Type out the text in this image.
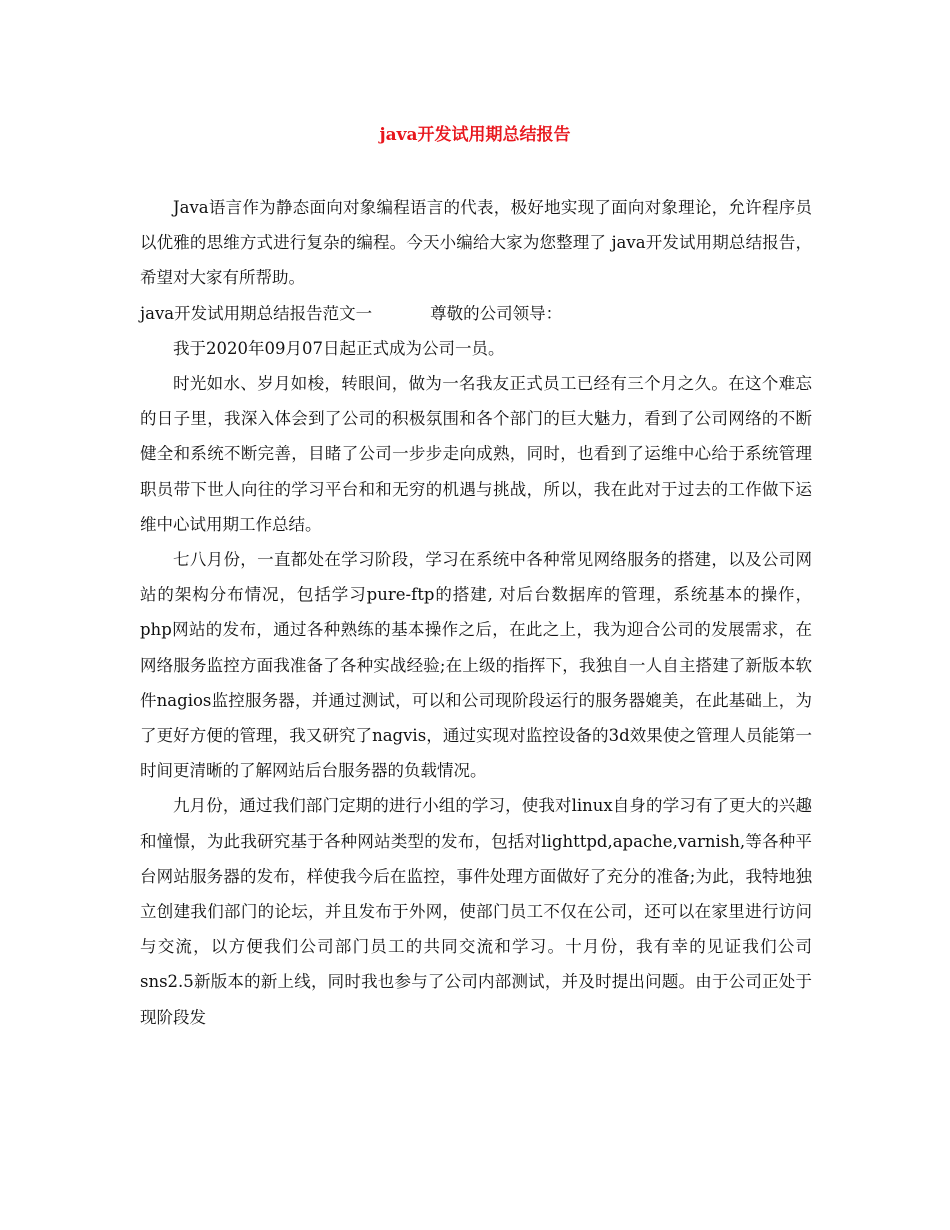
java开发试用期总结报告

Java语言作为静态面向对象编程语言的代表，极好地实现了面向对象理论，允许程序员以优雅的思维方式进行复杂的编程。今天小编给大家为您整理了 java开发试用期总结报告，希望对大家有所帮助。

java开发试用期总结报告范文一	尊敬的公司领导：

我于2020年09月07日起正式成为公司一员。

时光如水、岁月如梭，转眼间，做为一名我友正式员工已经有三个月之久。在这个难忘的日子里，我深入体会到了公司的积极氛围和各个部门的巨大魅力，看到了公司网络的不断健全和系统不断完善，目睹了公司一步步走向成熟，同时，也看到了运维中心给于系统管理职员带下世人向往的学习平台和和无穷的机遇与挑战，所以，我在此对于过去的工作做下运维中心试用期工作总结。

七八月份，一直都处在学习阶段，学习在系统中各种常见网络服务的搭建，以及公司网站的架构分布情况，包括学习pure-ftp的搭建, 对后台数据库的管理，系统基本的操作， php网站的发布，通过各种熟练的基本操作之后，在此之上，我为迎合公司的发展需求，在网络服务监控方面我准备了各种实战经验;在上级的指挥下，我独自一人自主搭建了新版本软件nagios监控服务器，并通过测试，可以和公司现阶段运行的服务器媲美，在此基础上，为了更好方便的管理，我又研究了nagvis，通过实现对监控设备的3d效果使之管理人员能第一时间更清晰的了解网站后台服务器的负载情况。

九月份，通过我们部门定期的进行小组的学习，使我对linux自身的学习有了更大的兴趣和憧憬，为此我研究基于各种网站类型的发布，包括对lighttpd,apache,varnish,等各种平台网站服务器的发布，样使我今后在监控，事件处理方面做好了充分的准备;为此，我特地独立创建我们部门的论坛，并且发布于外网，使部门员工不仅在公司，还可以在家里进行访问与交流，以方便我们公司部门员工的共同交流和学习。十月份，我有幸的见证我们公司sns2.5新版本的新上线，同时我也参与了公司内部测试，并及时提出问题。由于公司正处于现阶段发
